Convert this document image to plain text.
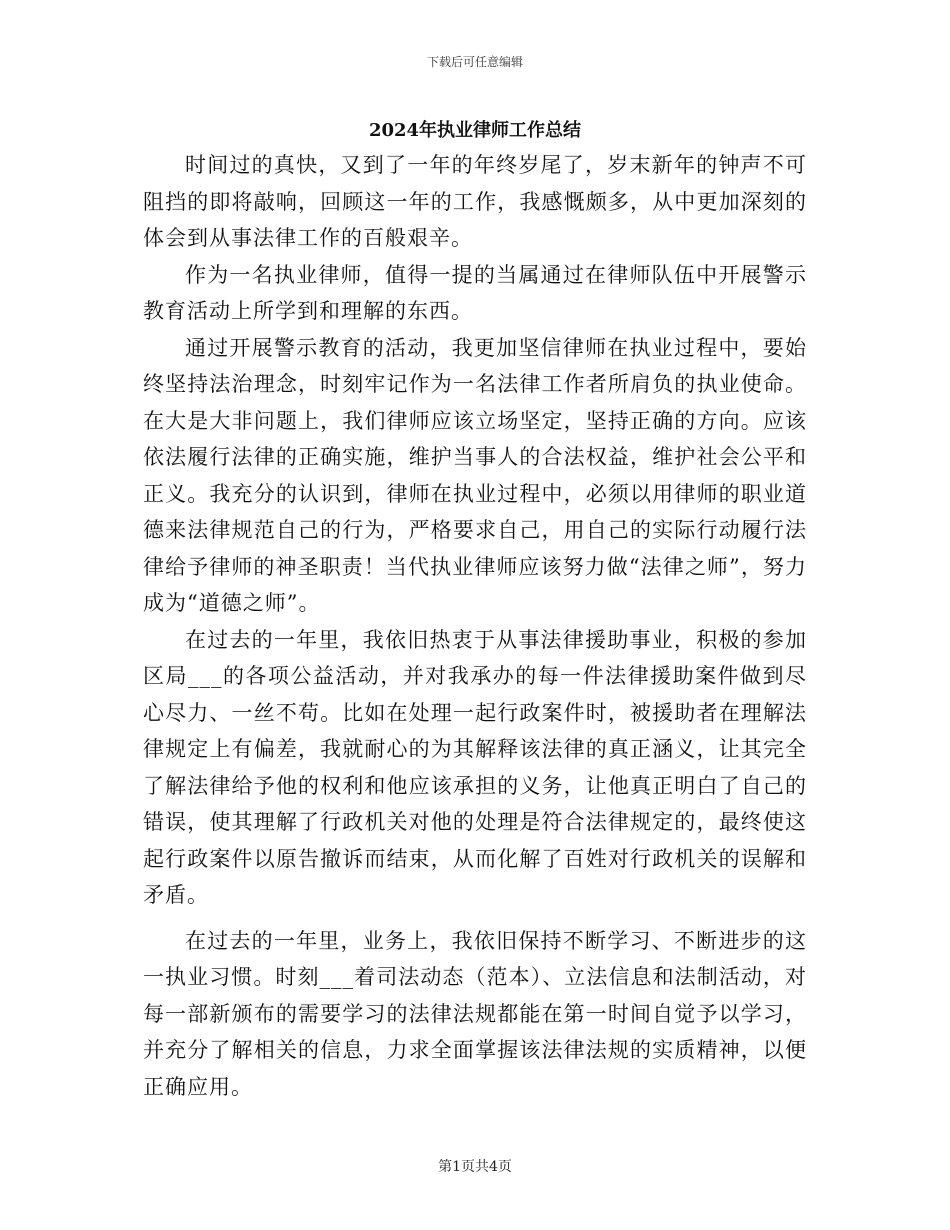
下载后可任意编辑
2024年执业律师工作总结

时间过的真快，又到了一年的年终岁尾了，岁末新年的钟声不可阻挡的即将敲响，回顾这一年的工作，我感慨颇多，从中更加深刻的体会到从事法律工作的百般艰辛。

作为一名执业律师，值得一提的当属通过在律师队伍中开展警示教育活动上所学到和理解的东西。

通过开展警示教育的活动，我更加坚信律师在执业过程中，要始终坚持法治理念，时刻牢记作为一名法律工作者所肩负的执业使命。在大是大非问题上，我们律师应该立场坚定，坚持正确的方向。应该依法履行法律的正确实施，维护当事人的合法权益，维护社会公平和正义。我充分的认识到，律师在执业过程中，必须以用律师的职业道德来法律规范自己的行为，严格要求自己，用自己的实际行动履行法律给予律师的神圣职责！当代执业律师应该努力做“法律之师”，努力成为“道德之师”。

在过去的一年里，我依旧热衷于从事法律援助事业，积极的参加区局___的各项公益活动，并对我承办的每一件法律援助案件做到尽心尽力、一丝不苟。比如在处理一起行政案件时，被援助者在理解法律规定上有偏差，我就耐心的为其解释该法律的真正涵义，让其完全了解法律给予他的权利和他应该承担的义务，让他真正明白了自己的错误，使其理解了行政机关对他的处理是符合法律规定的，最终使这起行政案件以原告撤诉而结束，从而化解了百姓对行政机关的误解和矛盾。

在过去的一年里，业务上，我依旧保持不断学习、不断进步的这一执业习惯。时刻___着司法动态（范本）、立法信息和法制活动，对每一部新颁布的需要学习的法律法规都能在第一时间自觉予以学习，并充分了解相关的信息，力求全面掌握该法律法规的实质精神，以便正确应用。

第1页共4页
